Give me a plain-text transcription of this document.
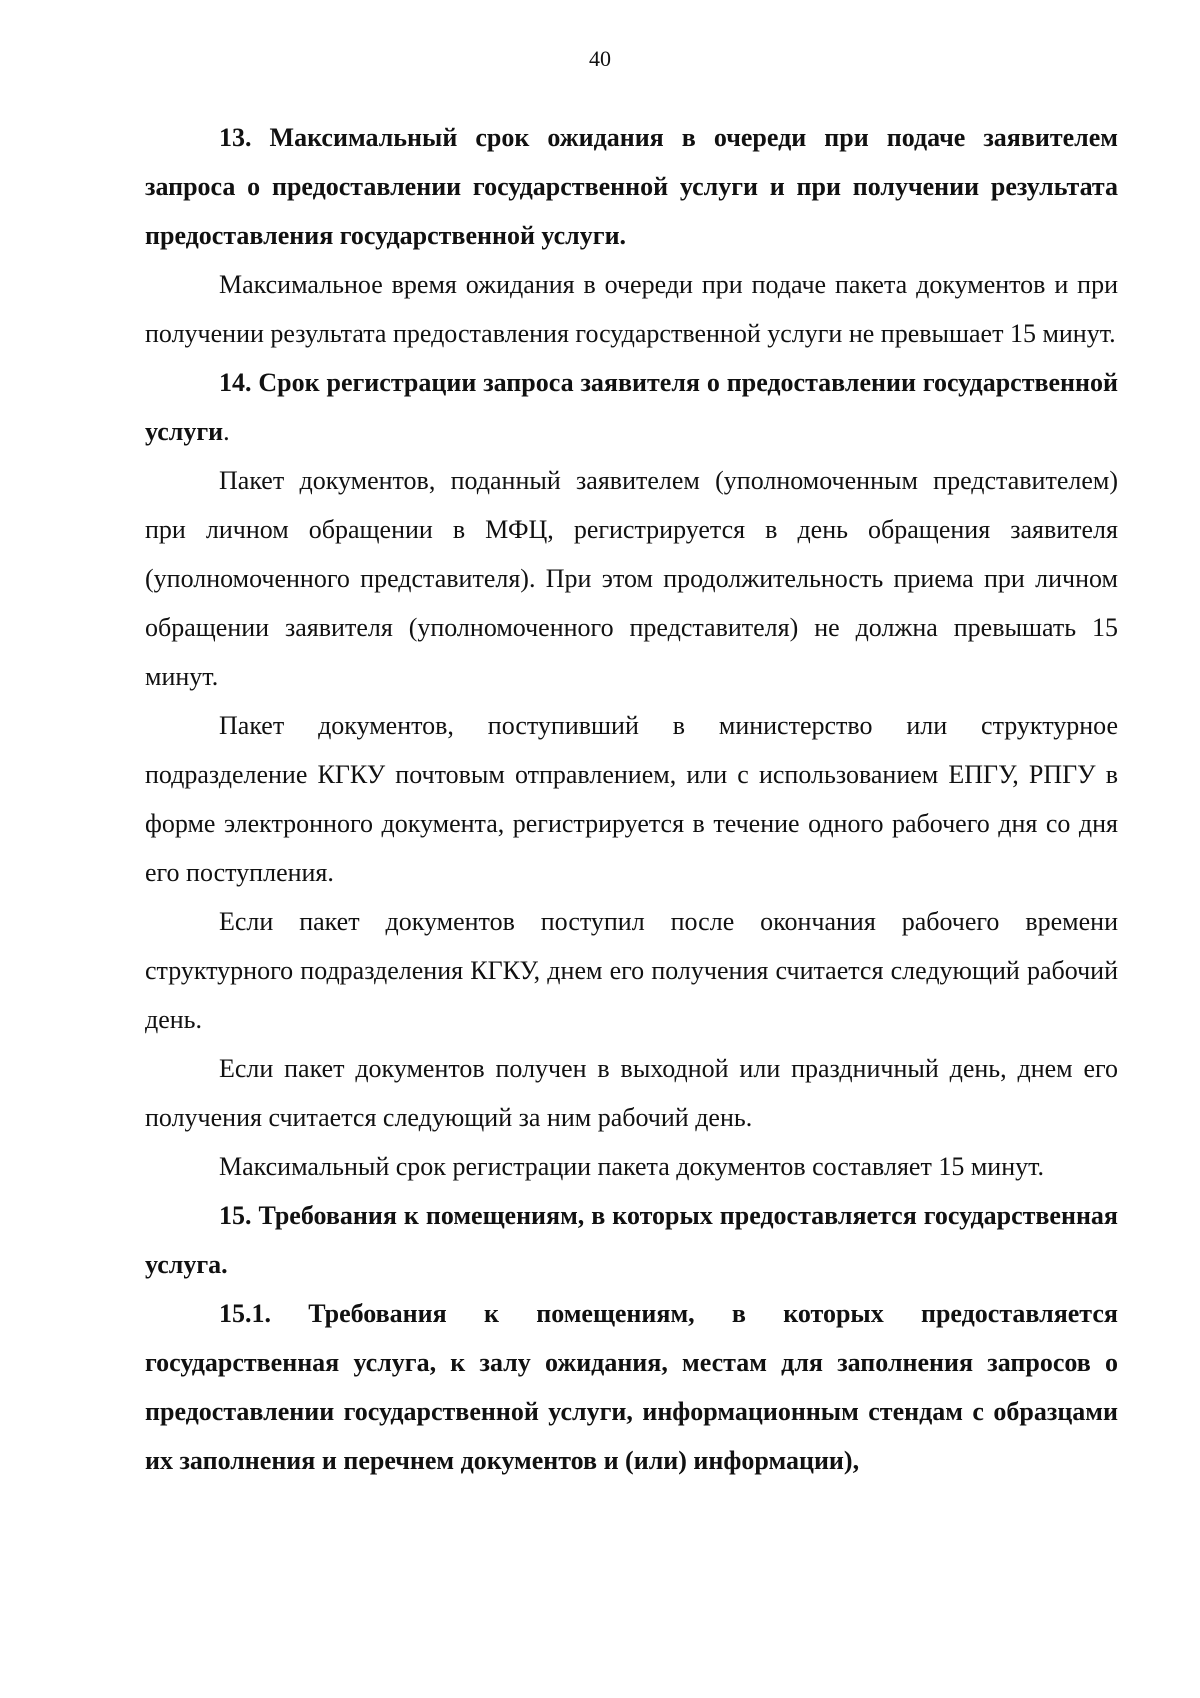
40

13. Максимальный срок ожидания в очереди при подаче заявителем запроса о предоставлении государственной услуги и при получении результата предоставления государственной услуги.

Максимальное время ожидания в очереди при подаче пакета документов и при получении результата предоставления государственной услуги не превышает 15 минут.

14. Срок регистрации запроса заявителя о предоставлении государственной услуги.

Пакет документов, поданный заявителем (уполномоченным представителем) при личном обращении в МФЦ, регистрируется в день обращения заявителя (уполномоченного представителя). При этом продолжительность приема при личном обращении заявителя (уполномоченного представителя) не должна превышать 15 минут.

Пакет документов, поступивший в министерство или структурное подразделение КГКУ почтовым отправлением, или с использованием ЕПГУ, РПГУ в форме электронного документа, регистрируется в течение одного рабочего дня со дня его поступления.

Если пакет документов поступил после окончания рабочего времени структурного подразделения КГКУ, днем его получения считается следующий рабочий день.

Если пакет документов получен в выходной или праздничный день, днем его получения считается следующий за ним рабочий день.

Максимальный срок регистрации пакета документов составляет 15 минут.

15. Требования к помещениям, в которых предоставляется государственная услуга.

15.1. Требования к помещениям, в которых предоставляется государственная услуга, к залу ожидания, местам для заполнения запросов о предоставлении государственной услуги, информационным стендам с образцами их заполнения и перечнем документов и (или) информации),
